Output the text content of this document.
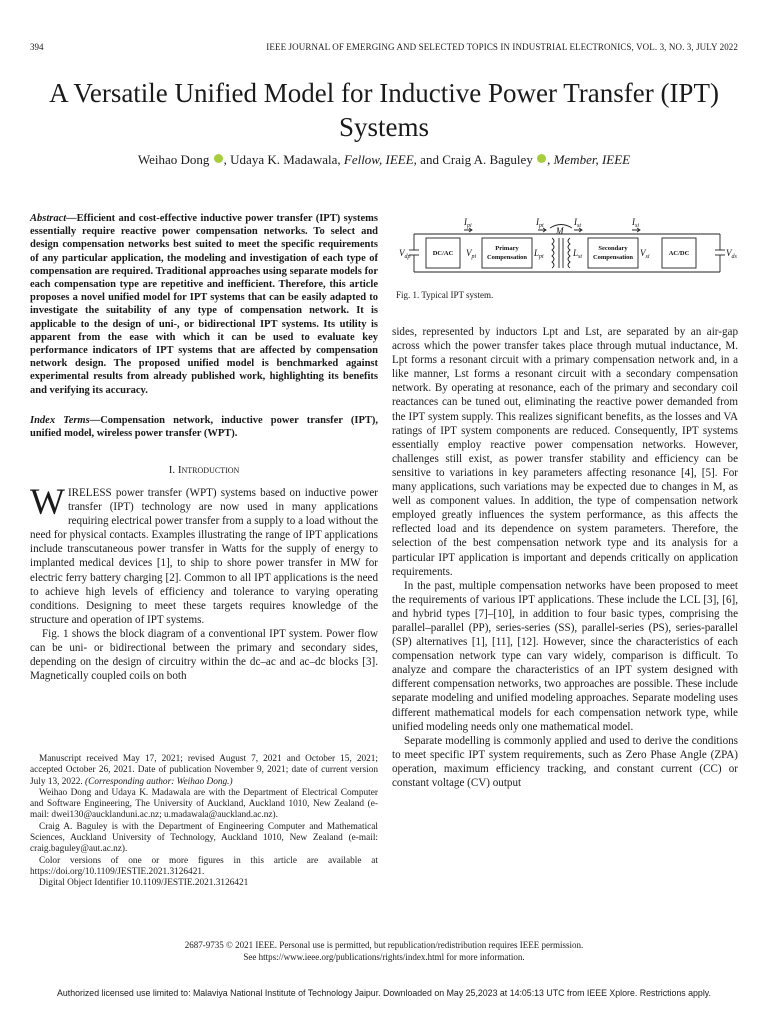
394	IEEE JOURNAL OF EMERGING AND SELECTED TOPICS IN INDUSTRIAL ELECTRONICS, VOL. 3, NO. 3, JULY 2022
A Versatile Unified Model for Inductive Power Transfer (IPT) Systems
Weihao Dong , Udaya K. Madawala, Fellow, IEEE, and Craig A. Baguley , Member, IEEE
Abstract—Efficient and cost-effective inductive power transfer (IPT) systems essentially require reactive power compensation networks. To select and design compensation networks best suited to meet the specific requirements of any particular application, the modeling and investigation of each type of compensation are required. Traditional approaches using separate models for each compensation type are repetitive and inefficient. Therefore, this article proposes a novel unified model for IPT systems that can be easily adapted to investigate the suitability of any type of compensation network. It is applicable to the design of uni-, or bidirectional IPT systems. Its utility is apparent from the ease with which it can be used to evaluate key performance indicators of IPT systems that are affected by compensation network design. The proposed unified model is benchmarked against experimental results from already published work, highlighting its benefits and verifying its accuracy.
Index Terms—Compensation network, inductive power transfer (IPT), unified model, wireless power transfer (WPT).
I. Introduction

WIRELESS power transfer (WPT) systems based on inductive power transfer (IPT) technology are now used in many applications requiring electrical power transfer from a supply to a load without the need for physical contacts. Examples illustrating the range of IPT applications include transcutaneous power transfer in Watts for the supply of energy to implanted medical devices [1], to ship to shore power transfer in MW for electric ferry battery charging [2]. Common to all IPT applications is the need to achieve high levels of efficiency and tolerance to varying operating conditions. Designing to meet these targets requires knowledge of the structure and operation of IPT systems.

Fig. 1 shows the block diagram of a conventional IPT system. Power flow can be uni- or bidirectional between the primary and secondary sides, depending on the design of circuitry within the dc–ac and ac–dc blocks [3]. Magnetically coupled coils on both

Manuscript received May 17, 2021; revised August 7, 2021 and October 15, 2021; accepted October 26, 2021. Date of publication November 9, 2021; date of current version July 13, 2022. (Corresponding author: Weihao Dong.)

Weihao Dong and Udaya K. Madawala are with the Department of Electrical Computer and Software Engineering, The University of Auckland, Auckland 1010, New Zealand (e-mail: dwei130@aucklanduni.ac.nz; u.madawala@auckland.ac.nz).

Craig A. Baguley is with the Department of Engineering Computer and Mathematical Sciences, Auckland University of Technology, Auckland 1010, New Zealand (e-mail: craig.baguley@aut.ac.nz).

Color versions of one or more figures in this article are available at https://doi.org/10.1109/JESTIE.2021.3126421.

Digital Object Identifier 10.1109/JESTIE.2021.3126421

DC/AC
Primary
Compensation
Secondary
Compensation
AC/DC
$V_{dp}$	$V_{pi}$	$V_{si}$	$V_{ds}$
$I_{pi}$	$I_{pt}$	$I_{st}$	$I_{si}$
M
$L_{pt}$	$L_{st}$
Fig. 1. Typical IPT system.

sides, represented by inductors Lpt and Lst, are separated by an air-gap across which the power transfer takes place through mutual inductance, M. Lpt forms a resonant circuit with a primary compensation network and, in a like manner, Lst forms a resonant circuit with a secondary compensation network. By operating at resonance, each of the primary and secondary coil reactances can be tuned out, eliminating the reactive power demanded from the IPT system supply. This realizes significant benefits, as the losses and VA ratings of IPT system components are reduced. Consequently, IPT systems essentially employ reactive power compensation networks. However, challenges still exist, as power transfer stability and efficiency can be sensitive to variations in key parameters affecting resonance [4], [5]. For many applications, such variations may be expected due to changes in M, as well as component values. In addition, the type of compensation network employed greatly influences the system performance, as this affects the reflected load and its dependence on system parameters. Therefore, the selection of the best compensation network type and its analysis for a particular IPT application is important and depends critically on application requirements.

In the past, multiple compensation networks have been proposed to meet the requirements of various IPT applications. These include the LCL [3], [6], and hybrid types [7]–[10], in addition to four basic types, comprising the parallel–parallel (PP), series-series (SS), parallel-series (PS), series-parallel (SP) alternatives [1], [11], [12]. However, since the characteristics of each compensation network type can vary widely, comparison is difficult. To analyze and compare the characteristics of an IPT system designed with different compensation networks, two approaches are possible. These include separate modeling and unified modeling approaches. Separate modeling uses different mathematical models for each compensation network type, while unified modeling needs only one mathematical model.

Separate modelling is commonly applied and used to derive the conditions to meet specific IPT system requirements, such as Zero Phase Angle (ZPA) operation, maximum efficiency tracking, and constant current (CC) or constant voltage (CV) output

2687-9735 © 2021 IEEE. Personal use is permitted, but republication/redistribution requires IEEE permission.
See https://www.ieee.org/publications/rights/index.html for more information.
Authorized licensed use limited to: Malaviya National Institute of Technology Jaipur. Downloaded on May 25,2023 at 14:05:13 UTC from IEEE Xplore. Restrictions apply.
